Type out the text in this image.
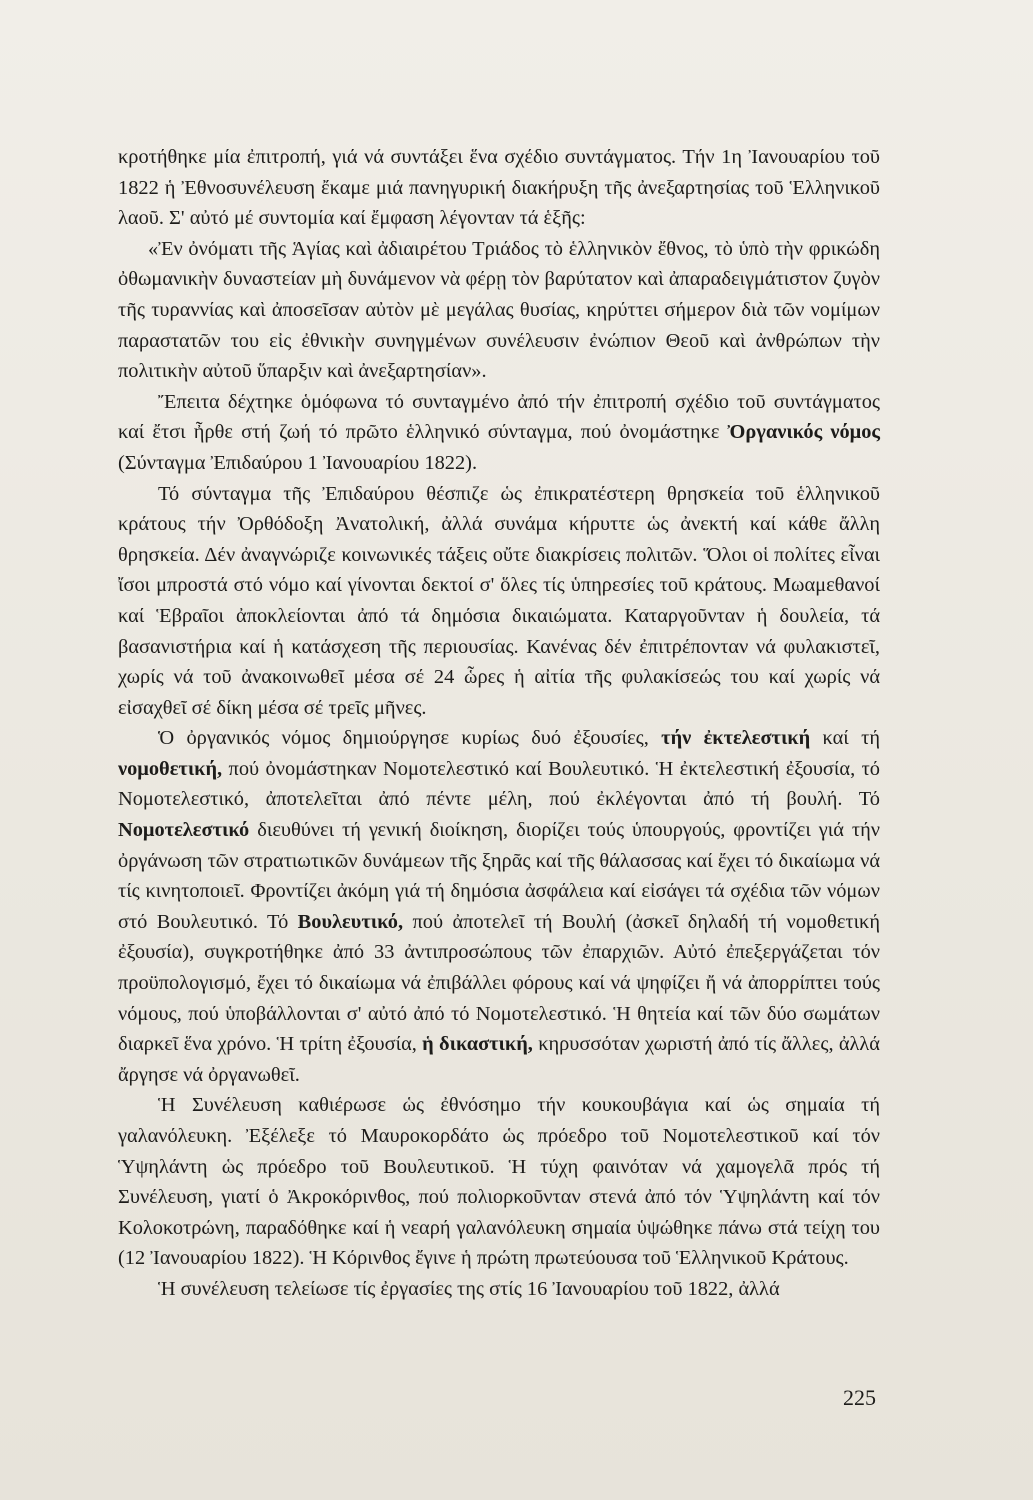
κροτήθηκε μία ἐπιτροπή, γιά νά συντάξει ἕνα σχέδιο συντάγματος. Τήν 1η Ἰανουαρίου τοῦ 1822 ἡ Ἐθνοσυνέλευση ἔκαμε μιά πανηγυρική διακήρυξη τῆς ἀνεξαρτησίας τοῦ Ἑλληνικοῦ λαοῦ. Σ' αὐτό μέ συντομία καί ἔμφαση λέγονταν τά ἑξῆς:

«Ἐν ὀνόματι τῆς Ἁγίας καὶ ἀδιαιρέτου Τριάδος τὸ ἑλληνικὸν ἔθνος, τὸ ὑπὸ τὴν φρικώδη ὀθωμανικὴν δυναστείαν μὴ δυνάμενον νὰ φέρῃ τὸν βαρύτατον καὶ ἀπαραδειγμάτιστον ζυγὸν τῆς τυραννίας καὶ ἀποσεῖσαν αὐτὸν μὲ μεγάλας θυσίας, κηρύττει σήμερον διὰ τῶν νομίμων παραστατῶν του εἰς ἐθνικὴν συνηγμένων συνέλευσιν ἐνώπιον Θεοῦ καὶ ἀνθρώπων τὴν πολιτικὴν αὐτοῦ ὕπαρξιν καὶ ἀνεξαρτησίαν».

Ἔπειτα δέχτηκε ὁμόφωνα τό συνταγμένο ἀπό τήν ἐπιτροπή σχέδιο τοῦ συντάγματος καί ἔτσι ἦρθε στή ζωή τό πρῶτο ἑλληνικό σύνταγμα, πού ὀνομάστηκε Ὀργανικός νόμος (Σύνταγμα Ἐπιδαύρου 1 Ἰανουαρίου 1822).

Τό σύνταγμα τῆς Ἐπιδαύρου θέσπιζε ὡς ἐπικρατέστερη θρησκεία τοῦ ἑλληνικοῦ κράτους τήν Ὀρθόδοξη Ἀνατολική, ἀλλά συνάμα κήρυττε ὡς ἀνεκτή καί κάθε ἄλλη θρησκεία. Δέν ἀναγνώριζε κοινωνικές τάξεις οὔτε διακρίσεις πολιτῶν. Ὅλοι οἱ πολίτες εἶναι ἴσοι μπροστά στό νόμο καί γίνονται δεκτοί σ' ὅλες τίς ὑπηρεσίες τοῦ κράτους. Μωαμεθανοί καί Ἑβραῖοι ἀποκλείονται ἀπό τά δημόσια δικαιώματα. Καταργοῦνταν ἡ δουλεία, τά βασανιστήρια καί ἡ κατάσχεση τῆς περιουσίας. Κανένας δέν ἐπιτρέπονταν νά φυλακιστεῖ, χωρίς νά τοῦ ἀνακοινωθεῖ μέσα σέ 24 ὧρες ἡ αἰτία τῆς φυλακίσεώς του καί χωρίς νά εἰσαχθεῖ σέ δίκη μέσα σέ τρεῖς μῆνες.

Ὁ ὀργανικός νόμος δημιούργησε κυρίως δυό ἐξουσίες, τήν ἐκτελεστική καί τή νομοθετική, πού ὀνομάστηκαν Νομοτελεστικό καί Βουλευτικό. Ἡ ἐκτελεστική ἐξουσία, τό Νομοτελεστικό, ἀποτελεῖται ἀπό πέντε μέλη, πού ἐκλέγονται ἀπό τή βουλή. Τό Νομοτελεστικό διευθύνει τή γενική διοίκηση, διορίζει τούς ὑπουργούς, φροντίζει γιά τήν ὀργάνωση τῶν στρατιωτικῶν δυνάμεων τῆς ξηρᾶς καί τῆς θάλασσας καί ἔχει τό δικαίωμα νά τίς κινητοποιεῖ. Φροντίζει ἀκόμη γιά τή δημόσια ἀσφάλεια καί εἰσάγει τά σχέδια τῶν νόμων στό Βουλευτικό. Τό Βουλευτικό, πού ἀποτελεῖ τή Βουλή (ἀσκεῖ δηλαδή τή νομοθετική ἐξουσία), συγκροτήθηκε ἀπό 33 ἀντιπροσώπους τῶν ἐπαρχιῶν. Αὐτό ἐπεξεργάζεται τόν προϋπολογισμό, ἔχει τό δικαίωμα νά ἐπιβάλλει φόρους καί νά ψηφίζει ἤ νά ἀπορρίπτει τούς νόμους, πού ὑποβάλλονται σ' αὐτό ἀπό τό Νομοτελεστικό. Ἡ θητεία καί τῶν δύο σωμάτων διαρκεῖ ἕνα χρόνο. Ἡ τρίτη ἐξουσία, ἡ δικαστική, κηρυσσόταν χωριστή ἀπό τίς ἄλλες, ἀλλά ἄργησε νά ὀργανωθεῖ.

Ἡ Συνέλευση καθιέρωσε ὡς ἐθνόσημο τήν κουκουβάγια καί ὡς σημαία τή γαλανόλευκη. Ἐξέλεξε τό Μαυροκορδάτο ὡς πρόεδρο τοῦ Νομοτελεστικοῦ καί τόν Ὑψηλάντη ὡς πρόεδρο τοῦ Βουλευτικοῦ. Ἡ τύχη φαινόταν νά χαμογελᾶ πρός τή Συνέλευση, γιατί ὁ Ἀκροκόρινθος, πού πολιορκοῦνταν στενά ἀπό τόν Ὑψηλάντη καί τόν Κολοκοτρώνη, παραδόθηκε καί ἡ νεαρή γαλανόλευκη σημαία ὑψώθηκε πάνω στά τείχη του (12 Ἰανουαρίου 1822). Ἡ Κόρινθος ἔγινε ἡ πρώτη πρωτεύουσα τοῦ Ἑλληνικοῦ Κράτους.

Ἡ συνέλευση τελείωσε τίς ἐργασίες της στίς 16 Ἰανουαρίου τοῦ 1822, ἀλλά

225
